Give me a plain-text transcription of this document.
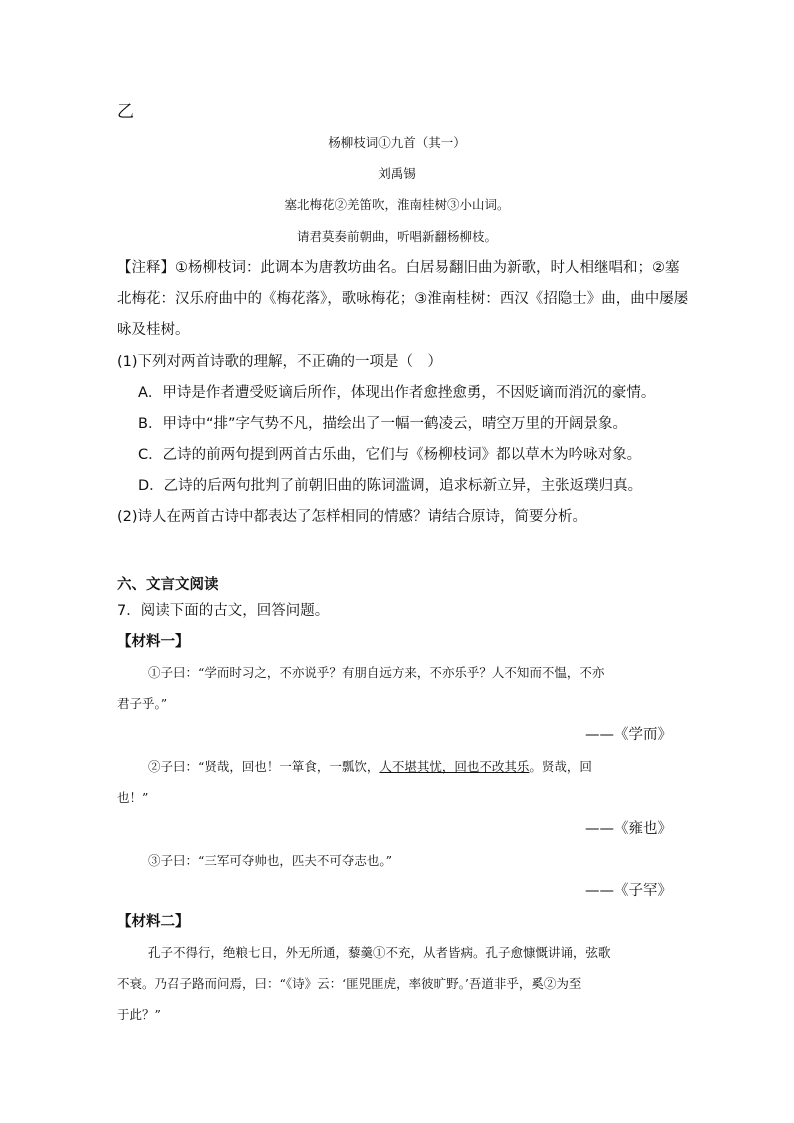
乙
杨柳枝词①九首（其一）
刘禹锡
塞北梅花②羌笛吹，淮南桂树③小山词。
请君莫奏前朝曲，听唱新翻杨柳枝。
【注释】①杨柳枝词：此调本为唐教坊曲名。白居易翻旧曲为新歌，时人相继唱和；②塞
北梅花：汉乐府曲中的《梅花落》，歌咏梅花；③淮南桂树：西汉《招隐士》曲，曲中屡屡
咏及桂树。
(1)下列对两首诗歌的理解，不正确的一项是（　）
A．甲诗是作者遭受贬谪后所作，体现出作者愈挫愈勇，不因贬谪而消沉的豪情。
B．甲诗中“排”字气势不凡，描绘出了一幅一鹤凌云，晴空万里的开阔景象。
C．乙诗的前两句提到两首古乐曲，它们与《杨柳枝词》都以草木为吟咏对象。
D．乙诗的后两句批判了前朝旧曲的陈词滥调，追求标新立异，主张返璞归真。
(2)诗人在两首古诗中都表达了怎样相同的情感？请结合原诗，简要分析。
六、文言文阅读
7．阅读下面的古文，回答问题。
【材料一】
①子曰：“学而时习之，不亦说乎？有朋自远方来，不亦乐乎？人不知而不愠，不亦
君子乎。”
——《学而》
②子曰：“贤哉，回也！一箪食，一瓢饮，人不堪其忧，回也不改其乐。贤哉，回
也！”
——《雍也》
③子曰：“三军可夺帅也，匹夫不可夺志也。”
——《子罕》
【材料二】
孔子不得行，绝粮七日，外无所通，藜羹①不充，从者皆病。孔子愈慷慨讲诵，弦歌
不衰。乃召子路而问焉，曰：“《诗》云：‘匪兕匪虎，率彼旷野。’吾道非乎，奚②为至
于此？”
